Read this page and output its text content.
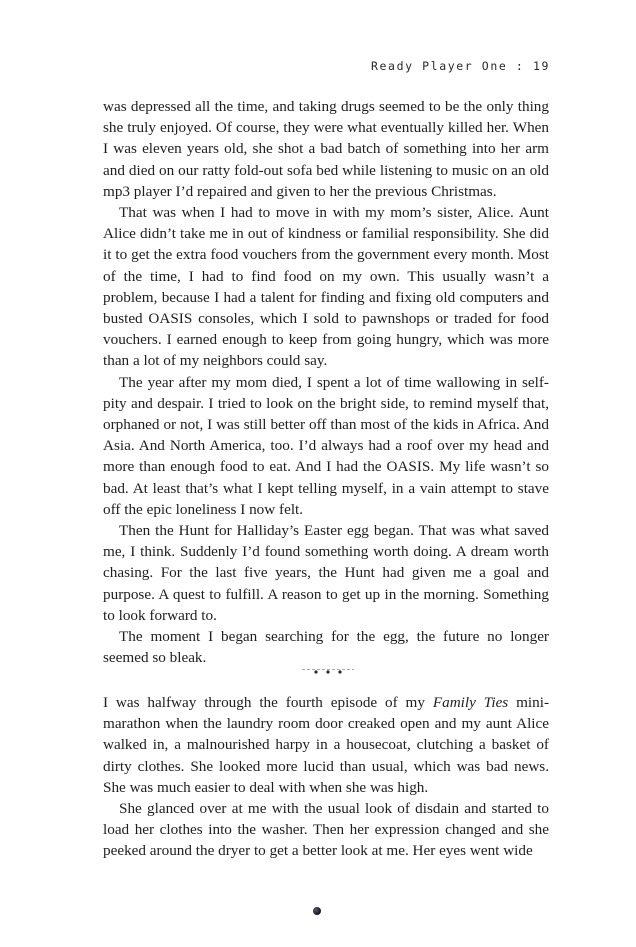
Ready Player One : 19

was depressed all the time, and taking drugs seemed to be the only thing she truly enjoyed. Of course, they were what eventually killed her. When I was eleven years old, she shot a bad batch of something into her arm and died on our ratty fold-out sofa bed while listening to music on an old mp3 player I’d repaired and given to her the previous Christmas.

That was when I had to move in with my mom’s sister, Alice. Aunt Alice didn’t take me in out of kindness or familial responsibility. She did it to get the extra food vouchers from the government every month. Most of the time, I had to find food on my own. This usually wasn’t a problem, because I had a talent for finding and fixing old computers and busted OASIS consoles, which I sold to pawnshops or traded for food vouchers. I earned enough to keep from going hungry, which was more than a lot of my neighbors could say.

The year after my mom died, I spent a lot of time wallowing in self-pity and despair. I tried to look on the bright side, to remind myself that, orphaned or not, I was still better off than most of the kids in Africa. And Asia. And North America, too. I’d always had a roof over my head and more than enough food to eat. And I had the OASIS. My life wasn’t so bad. At least that’s what I kept telling myself, in a vain attempt to stave off the epic loneliness I now felt.

Then the Hunt for Halliday’s Easter egg began. That was what saved me, I think. Suddenly I’d found something worth doing. A dream worth chasing. For the last five years, the Hunt had given me a goal and purpose. A quest to fulfill. A reason to get up in the morning. Something to look forward to.

The moment I began searching for the egg, the future no longer seemed so bleak.

I was halfway through the fourth episode of my Family Ties mini-marathon when the laundry room door creaked open and my aunt Alice walked in, a malnourished harpy in a housecoat, clutching a basket of dirty clothes. She looked more lucid than usual, which was bad news. She was much easier to deal with when she was high.

She glanced over at me with the usual look of disdain and started to load her clothes into the washer. Then her expression changed and she peeked around the dryer to get a better look at me. Her eyes went wide
